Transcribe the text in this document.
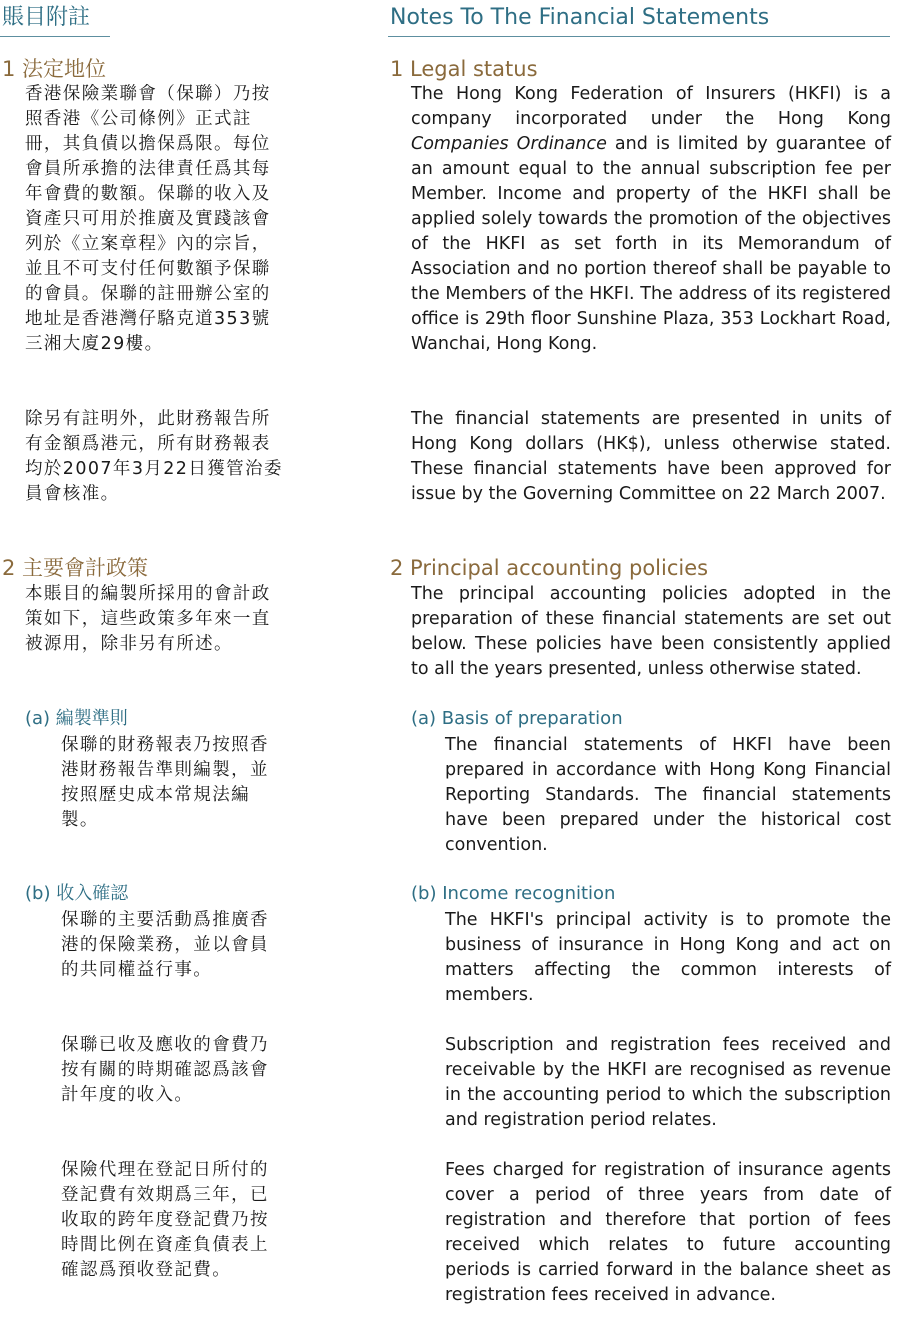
賬目附註	Notes To The Financial Statements
1 法定地位	1 Legal status
香港保險業聯會（保聯）乃按
照香港《公司條例》正式註
冊，其負債以擔保爲限。每位
會員所承擔的法律責任爲其每
年會費的數額。保聯的收入及
資產只可用於推廣及實踐該會
列於《立案章程》內的宗旨，
並且不可支付任何數額予保聯
的會員。保聯的註冊辦公室的
地址是香港灣仔駱克道353號
三湘大廈29樓。
The Hong Kong Federation of Insurers (HKFI) is a company incorporated under the Hong Kong Companies Ordinance and is limited by guarantee of an amount equal to the annual subscription fee per Member. Income and property of the HKFI shall be applied solely towards the promotion of the objectives of the HKFI as set forth in its Memorandum of Association and no portion thereof shall be payable to the Members of the HKFI. The address of its registered office is 29th floor Sunshine Plaza, 353 Lockhart Road, Wanchai, Hong Kong.
除另有註明外，此財務報告所
有金額爲港元，所有財務報表
均於2007年3月22日獲管治委
員會核准。
The financial statements are presented in units of Hong Kong dollars (HK$), unless otherwise stated. These financial statements have been approved for issue by the Governing Committee on 22 March 2007.
2 主要會計政策	2 Principal accounting policies
本賬目的編製所採用的會計政
策如下，這些政策多年來一直
被源用，除非另有所述。
The principal accounting policies adopted in the preparation of these financial statements are set out below. These policies have been consistently applied to all the years presented, unless otherwise stated.
(a) 編製準則	(a) Basis of preparation
保聯的財務報表乃按照香
港財務報告準則編製，並
按照歷史成本常規法編
製。
The financial statements of HKFI have been prepared in accordance with Hong Kong Financial Reporting Standards. The financial statements have been prepared under the historical cost convention.
(b) 收入確認	(b) Income recognition
保聯的主要活動爲推廣香
港的保險業務，並以會員
的共同權益行事。
The HKFI's principal activity is to promote the business of insurance in Hong Kong and act on matters affecting the common interests of members.
保聯已收及應收的會費乃
按有關的時期確認爲該會
計年度的收入。
Subscription and registration fees received and receivable by the HKFI are recognised as revenue in the accounting period to which the subscription and registration period relates.
保險代理在登記日所付的
登記費有效期爲三年，已
收取的跨年度登記費乃按
時間比例在資產負債表上
確認爲預收登記費。
Fees charged for registration of insurance agents cover a period of three years from date of registration and therefore that portion of fees received which relates to future accounting periods is carried forward in the balance sheet as registration fees received in advance.
